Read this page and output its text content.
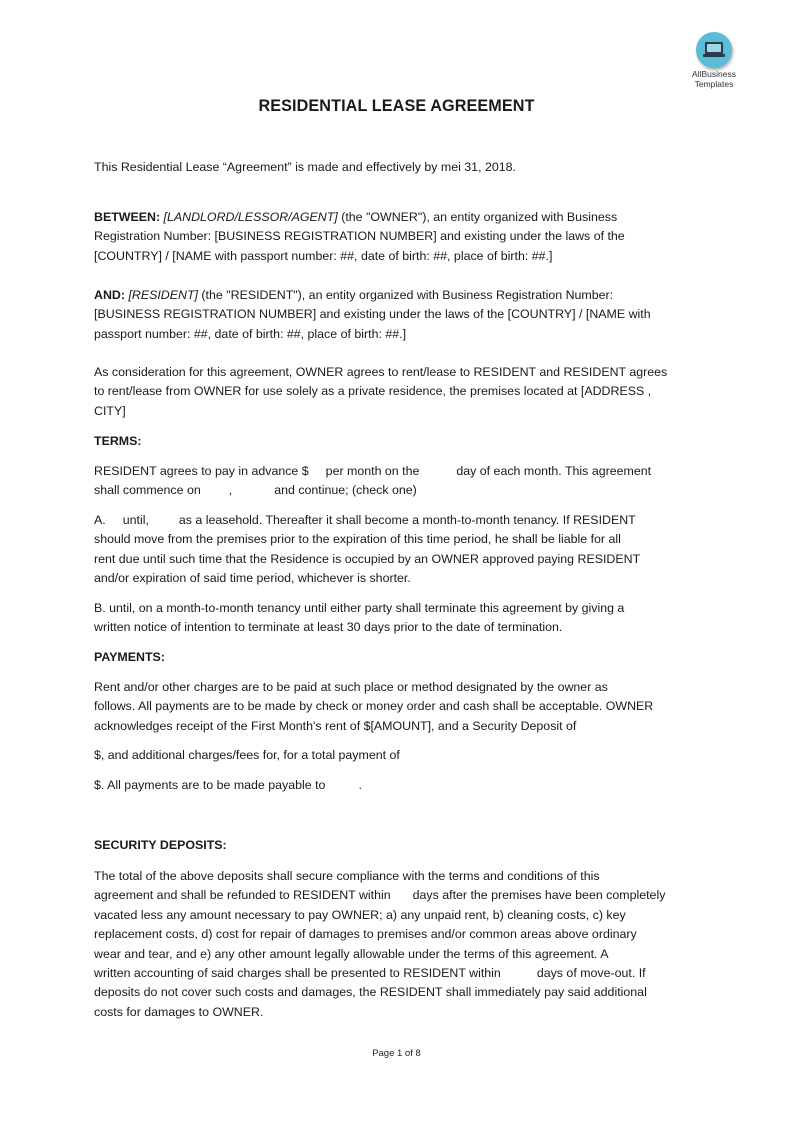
AllBusiness
Templates
RESIDENTIAL LEASE AGREEMENT
This Residential Lease “Agreement” is made and effectively by mei 31, 2018.
BETWEEN: [LANDLORD/LESSOR/AGENT] (the "OWNER"), an entity organized with Business
Registration Number: [BUSINESS REGISTRATION NUMBER] and existing under the laws of the
[COUNTRY] / [NAME with passport number: ##, date of birth: ##, place of birth: ##.]
AND: [RESIDENT] (the "RESIDENT"), an entity organized with Business Registration Number:
[BUSINESS REGISTRATION NUMBER] and existing under the laws of the [COUNTRY] / [NAME with
passport number: ##, date of birth: ##, place of birth: ##.]
As consideration for this agreement, OWNER agrees to rent/lease to RESIDENT and RESIDENT agrees
to rent/lease from OWNER for use solely as a private residence, the premises located at [ADDRESS ,
CITY]
TERMS:
RESIDENT agrees to pay in advance $ per month on the	day of each month. This agreement
shall commence on ,	and continue; (check one)
A. until, as a leasehold. Thereafter it shall become a month-to-month tenancy. If RESIDENT
should move from the premises prior to the expiration of this time period, he shall be liable for all
rent due until such time that the Residence is occupied by an OWNER approved paying RESIDENT
and/or expiration of said time period, whichever is shorter.
B. until, on a month-to-month tenancy until either party shall terminate this agreement by giving a
written notice of intention to terminate at least 30 days prior to the date of termination.
PAYMENTS:
Rent and/or other charges are to be paid at such place or method designated by the owner as
follows. All payments are to be made by check or money order and cash shall be acceptable. OWNER
acknowledges receipt of the First Month's rent of $[AMOUNT], and a Security Deposit of
$, and additional charges/fees for, for a total payment of
$. All payments are to be made payable to	.
SECURITY DEPOSITS:
The total of the above deposits shall secure compliance with the terms and conditions of this
agreement and shall be refunded to RESIDENT within days after the premises have been completely
vacated less any amount necessary to pay OWNER; a) any unpaid rent, b) cleaning costs, c) key
replacement costs, d) cost for repair of damages to premises and/or common areas above ordinary
wear and tear, and e) any other amount legally allowable under the terms of this agreement. A
written accounting of said charges shall be presented to RESIDENT within	days of move-out. If
deposits do not cover such costs and damages, the RESIDENT shall immediately pay said additional
costs for damages to OWNER.
Page 1 of 8
